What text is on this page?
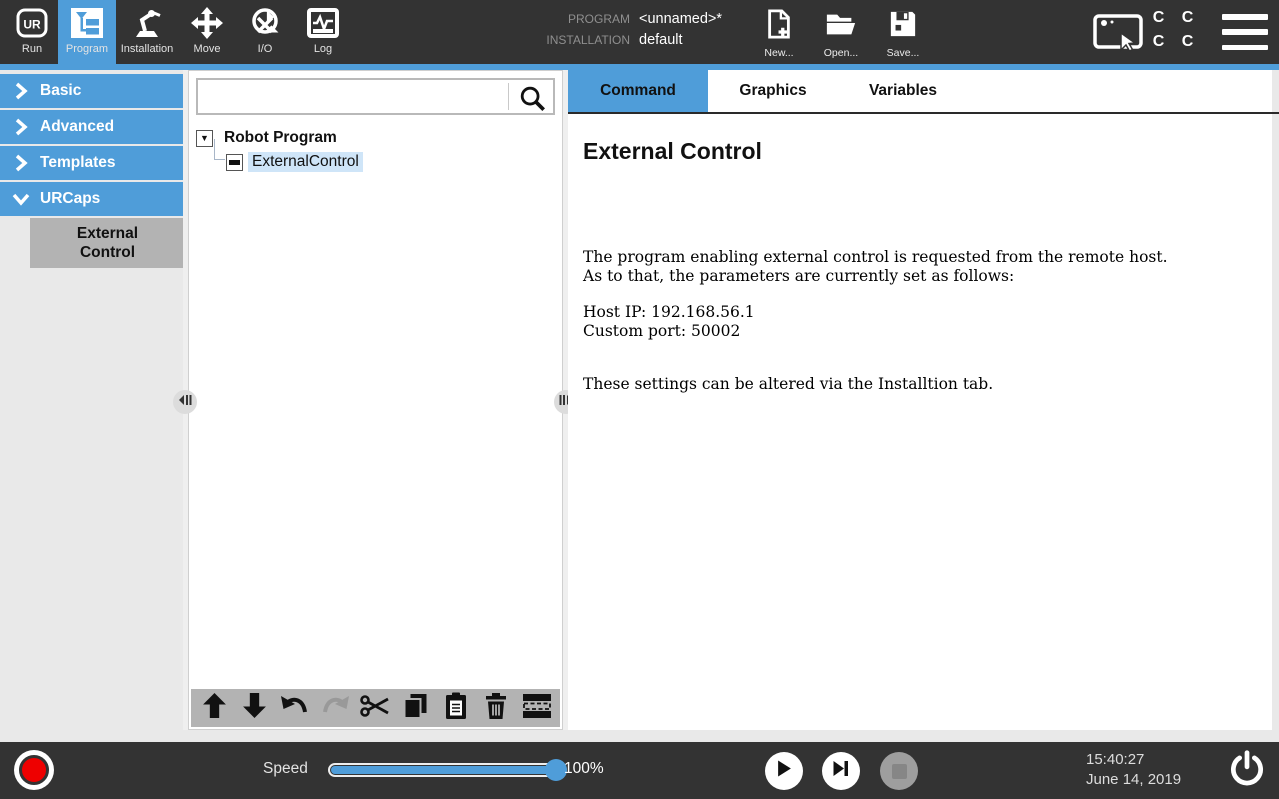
UR
Run Program Installation Move	I/O	Log
PROGRAM <unnamed>*
INSTALLATION default
New...	Open...	Save...
C	C
C	C
Basic
Advanced
Templates
URCaps
External Control
▼ Robot Program
ExternalControl
Command	Graphics	Variables
External Control
The program enabling external control is requested from the remote host.
As to that, the parameters are currently set as follows:
Host IP: 192.168.56.1
Custom port: 50002
These settings can be altered via the Installtion tab.
Speed	100%
15:40:27
June 14, 2019
